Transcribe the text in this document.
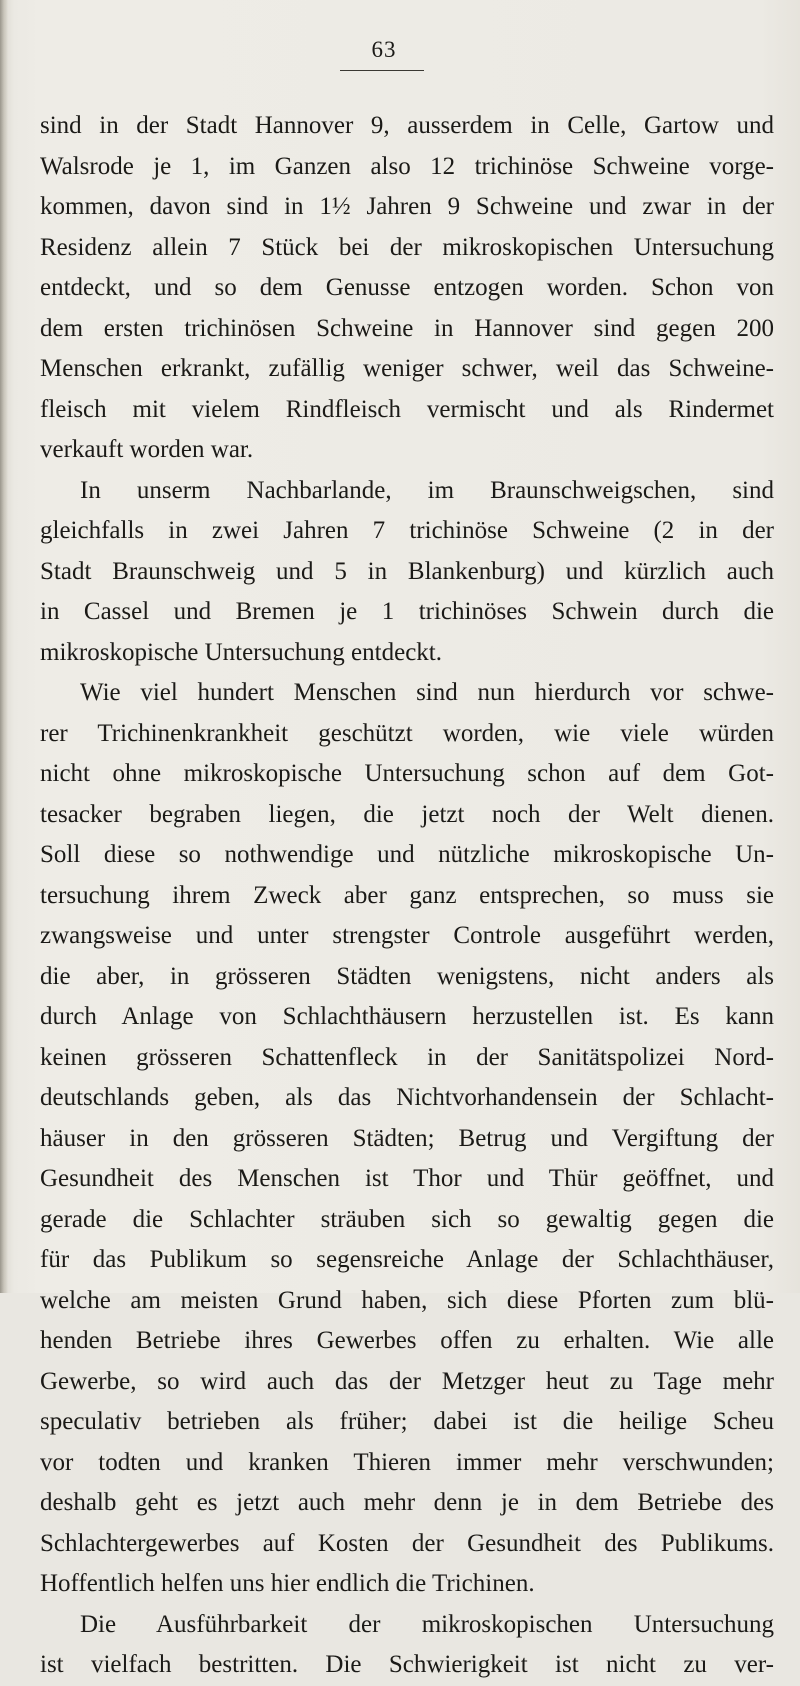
63
sind in der Stadt Hannover 9, ausserdem in Celle, Gartow und
Walsrode je 1, im Ganzen also 12 trichinöse Schweine vorge-
kommen, davon sind in 1½ Jahren 9 Schweine und zwar in der
Residenz allein 7 Stück bei der mikroskopischen Untersuchung
entdeckt, und so dem Genusse entzogen worden. Schon von
dem ersten trichinösen Schweine in Hannover sind gegen 200
Menschen erkrankt, zufällig weniger schwer, weil das Schweine-
fleisch mit vielem Rindfleisch vermischt und als Rindermet
verkauft worden war.
In unserm Nachbarlande, im Braunschweigschen, sind
gleichfalls in zwei Jahren 7 trichinöse Schweine (2 in der
Stadt Braunschweig und 5 in Blankenburg) und kürzlich auch
in Cassel und Bremen je 1 trichinöses Schwein durch die
mikroskopische Untersuchung entdeckt.
Wie viel hundert Menschen sind nun hierdurch vor schwe-
rer Trichinenkrankheit geschützt worden, wie viele würden
nicht ohne mikroskopische Untersuchung schon auf dem Got-
tesacker begraben liegen, die jetzt noch der Welt dienen.
Soll diese so nothwendige und nützliche mikroskopische Un-
tersuchung ihrem Zweck aber ganz entsprechen, so muss sie
zwangsweise und unter strengster Controle ausgeführt werden,
die aber, in grösseren Städten wenigstens, nicht anders als
durch Anlage von Schlachthäusern herzustellen ist. Es kann
keinen grösseren Schattenfleck in der Sanitätspolizei Nord-
deutschlands geben, als das Nichtvorhandensein der Schlacht-
häuser in den grösseren Städten; Betrug und Vergiftung der
Gesundheit des Menschen ist Thor und Thür geöffnet, und
gerade die Schlachter sträuben sich so gewaltig gegen die
für das Publikum so segensreiche Anlage der Schlachthäuser,
welche am meisten Grund haben, sich diese Pforten zum blü-
henden Betriebe ihres Gewerbes offen zu erhalten. Wie alle
Gewerbe, so wird auch das der Metzger heut zu Tage mehr
speculativ betrieben als früher; dabei ist die heilige Scheu
vor todten und kranken Thieren immer mehr verschwunden;
deshalb geht es jetzt auch mehr denn je in dem Betriebe des
Schlachtergewerbes auf Kosten der Gesundheit des Publikums.
Hoffentlich helfen uns hier endlich die Trichinen.
Die Ausführbarkeit der mikroskopischen Untersuchung
ist vielfach bestritten. Die Schwierigkeit ist nicht zu ver-
